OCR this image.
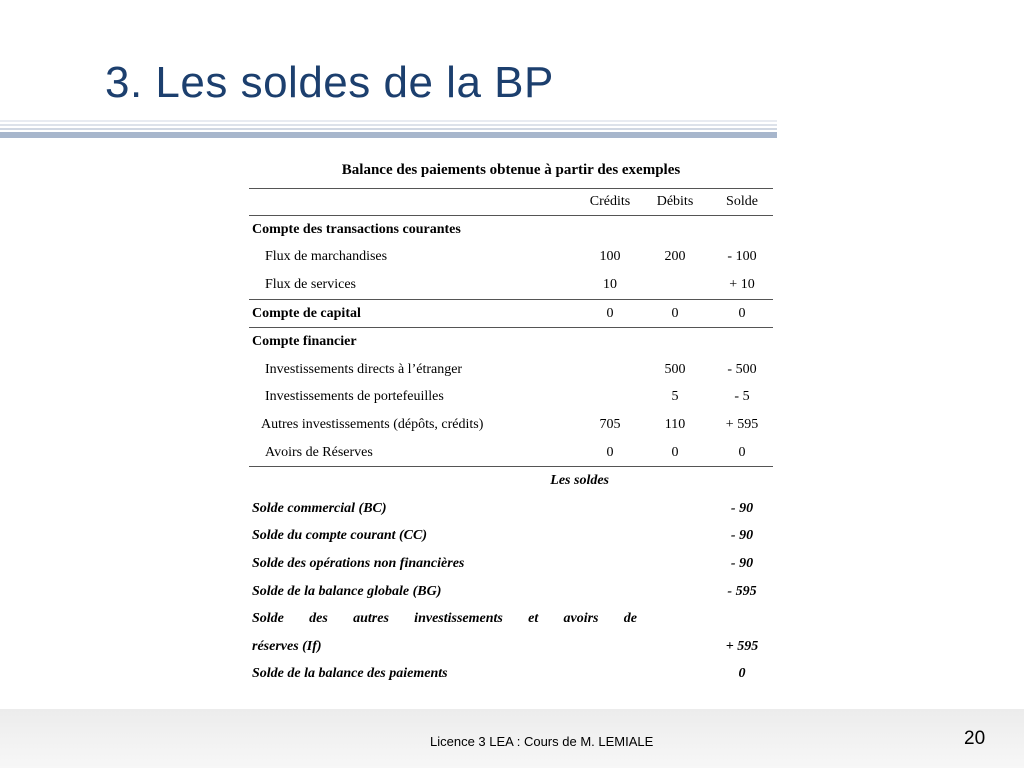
3. Les soldes de la BP
Balance des paiements obtenue à partir des exemples
	Crédits	Débits	Solde
Compte des transactions courantes			
Flux de marchandises	100	200	- 100
Flux de services	10		+ 10
Compte de capital	0	0	0
Compte financier			
Investissements directs à l’étranger		500	- 500
Investissements de portefeuilles		5	- 5
Autres investissements (dépôts, crédits)	705	110	+ 595
Avoirs de Réserves	0	0	0
Les soldes			
Solde commercial (BC)			- 90
Solde du compte courant (CC)			- 90
Solde des opérations non financières			- 90
Solde de la balance globale (BG)			- 595
Solde des autres investissements et avoirs de			
réserves (If)			+ 595
Solde de la balance des paiements			0
Licence 3 LEA : Cours de M. LEMIALE	20
